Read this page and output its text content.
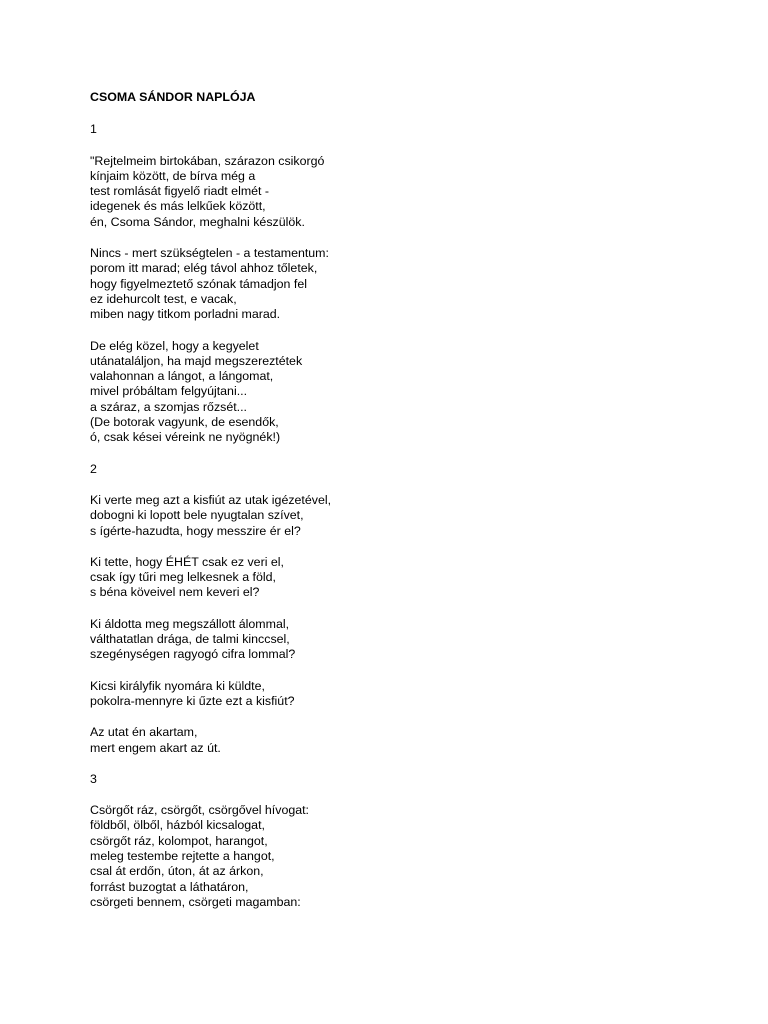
CSOMA SÁNDOR NAPLÓJA
1
"Rejtelmeim birtokában, szárazon csikorgó
kínjaim között, de bírva még a
test romlását figyelő riadt elmét -
idegenek és más lelkűek között,
én, Csoma Sándor, meghalni készülök.
Nincs - mert szükségtelen - a testamentum:
porom itt marad; elég távol ahhoz tőletek,
hogy figyelmeztető szónak támadjon fel
ez idehurcolt test, e vacak,
miben nagy titkom porladni marad.
De elég közel, hogy a kegyelet
utánataláljon, ha majd megszereztétek
valahonnan a lángot, a lángomat,
mivel próbáltam felgyújtani...
a száraz, a szomjas rőzsét...
(De botorak vagyunk, de esendők,
ó, csak kései véreink ne nyögnék!)
2
Ki verte meg azt a kisfiút az utak igézetével,
dobogni ki lopott bele nyugtalan szívet,
s ígérte-hazudta, hogy messzire ér el?
Ki tette, hogy ÉHÉT csak ez veri el,
csak így tűri meg lelkesnek a föld,
s béna köveivel nem keveri el?
Ki áldotta meg megszállott álommal,
válthatatlan drága, de talmi kinccsel,
szegénységen ragyogó cifra lommal?
Kicsi királyfik nyomára ki küldte,
pokolra-mennyre ki űzte ezt a kisfiút?
Az utat én akartam,
mert engem akart az út.
3
Csörgőt ráz, csörgőt, csörgővel hívogat:
földből, ölből, házból kicsalogat,
csörgőt ráz, kolompot, harangot,
meleg testembe rejtette a hangot,
csal át erdőn, úton, át az árkon,
forrást buzogtat a láthatáron,
csörgeti bennem, csörgeti magamban:
